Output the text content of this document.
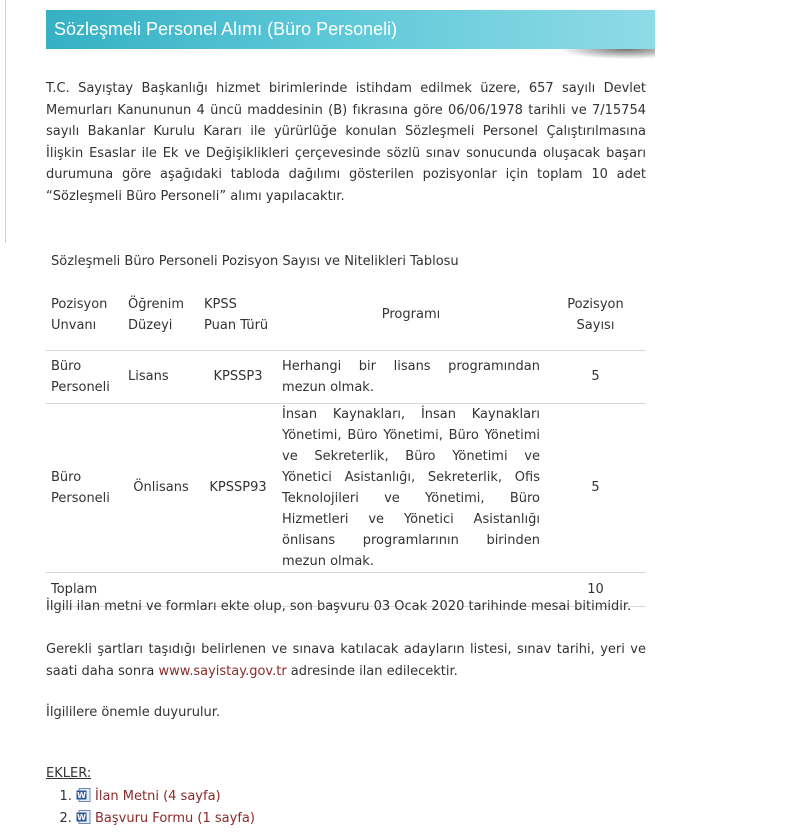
Sözleşmeli Personel Alımı (Büro Personeli)

T.C. Sayıştay Başkanlığı hizmet birimlerinde istihdam edilmek üzere, 657 sayılı Devlet Memurları Kanununun 4 üncü maddesinin (B) fıkrasına göre 06/06/1978 tarihli ve 7/15754 sayılı Bakanlar Kurulu Kararı ile yürürlüğe konulan Sözleşmeli Personel Çalıştırılmasına İlişkin Esaslar ile Ek ve Değişiklikleri çerçevesinde sözlü sınav sonucunda oluşacak başarı durumuna göre aşağıdaki tabloda dağılımı gösterilen pozisyonlar için toplam 10 adet “Sözleşmeli Büro Personeli” alımı yapılacaktır.

Sözleşmeli Büro Personeli Pozisyon Sayısı ve Nitelikleri Tablosu

Pozisyon Unvanı	Öğrenim Düzeyi	KPSS Puan Türü	Programı	Pozisyon Sayısı
Büro Personeli	Lisans	KPSSP3	Herhangi bir lisans programından mezun olmak.	5
Büro Personeli	Önlisans	KPSSP93	İnsan Kaynakları, İnsan Kaynakları Yönetimi, Büro Yönetimi, Büro Yönetimi ve Sekreterlik, Büro Yönetimi ve Yönetici Asistanlığı, Sekreterlik, Ofis Teknolojileri ve Yönetimi, Büro Hizmetleri ve Yönetici Asistanlığı önlisans programlarının birinden mezun olmak.	5
Toplam				10

İlgili ilan metni ve formları ekte olup, son başvuru 03 Ocak 2020 tarihinde mesai bitimidir.

Gerekli şartları taşıdığı belirlenen ve sınava katılacak adayların listesi, sınav tarihi, yeri ve saati daha sonra www.sayistay.gov.tr adresinde ilan edilecektir.

İlgililere önemle duyurulur.

EKLER:

1. W İlan Metni (4 sayfa)
2. W Başvuru Formu (1 sayfa)
